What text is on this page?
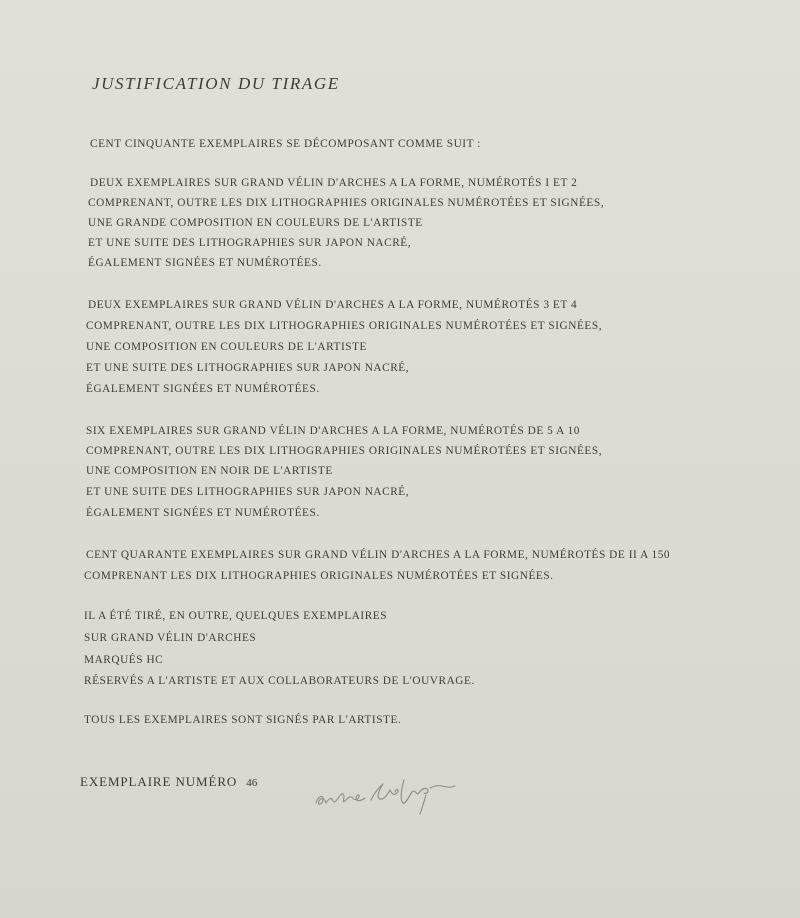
JUSTIFICATION DU TIRAGE
CENT CINQUANTE EXEMPLAIRES SE DÉCOMPOSANT COMME SUIT :
DEUX EXEMPLAIRES SUR GRAND VÉLIN D'ARCHES A LA FORME, NUMÉROTÉS I ET 2
COMPRENANT, OUTRE LES DIX LITHOGRAPHIES ORIGINALES NUMÉROTÉES ET SIGNÉES,
UNE GRANDE COMPOSITION EN COULEURS DE L'ARTISTE
ET UNE SUITE DES LITHOGRAPHIES SUR JAPON NACRÉ,
ÉGALEMENT SIGNÉES ET NUMÉROTÉES.
DEUX EXEMPLAIRES SUR GRAND VÉLIN D'ARCHES A LA FORME, NUMÉROTÉS 3 ET 4
COMPRENANT, OUTRE LES DIX LITHOGRAPHIES ORIGINALES NUMÉROTÉES ET SIGNÉES,
UNE COMPOSITION EN COULEURS DE L'ARTISTE
ET UNE SUITE DES LITHOGRAPHIES SUR JAPON NACRÉ,
ÉGALEMENT SIGNÉES ET NUMÉROTÉES.
SIX EXEMPLAIRES SUR GRAND VÉLIN D'ARCHES A LA FORME, NUMÉROTÉS DE 5 A 10
COMPRENANT, OUTRE LES DIX LITHOGRAPHIES ORIGINALES NUMÉROTÉES ET SIGNÉES,
UNE COMPOSITION EN NOIR DE L'ARTISTE
ET UNE SUITE DES LITHOGRAPHIES SUR JAPON NACRÉ,
ÉGALEMENT SIGNÉES ET NUMÉROTÉES.
CENT QUARANTE EXEMPLAIRES SUR GRAND VÉLIN D'ARCHES A LA FORME, NUMÉROTÉS DE II A 150
COMPRENANT LES DIX LITHOGRAPHIES ORIGINALES NUMÉROTÉES ET SIGNÉES.
IL A ÉTÉ TIRÉ, EN OUTRE, QUELQUES EXEMPLAIRES
SUR GRAND VÉLIN D'ARCHES
MARQUÉS HC
RÉSERVÉS A L'ARTISTE ET AUX COLLABORATEURS DE L'OUVRAGE.
TOUS LES EXEMPLAIRES SONT SIGNÉS PAR L'ARTISTE.
EXEMPLAIRE NUMÉRO 46
